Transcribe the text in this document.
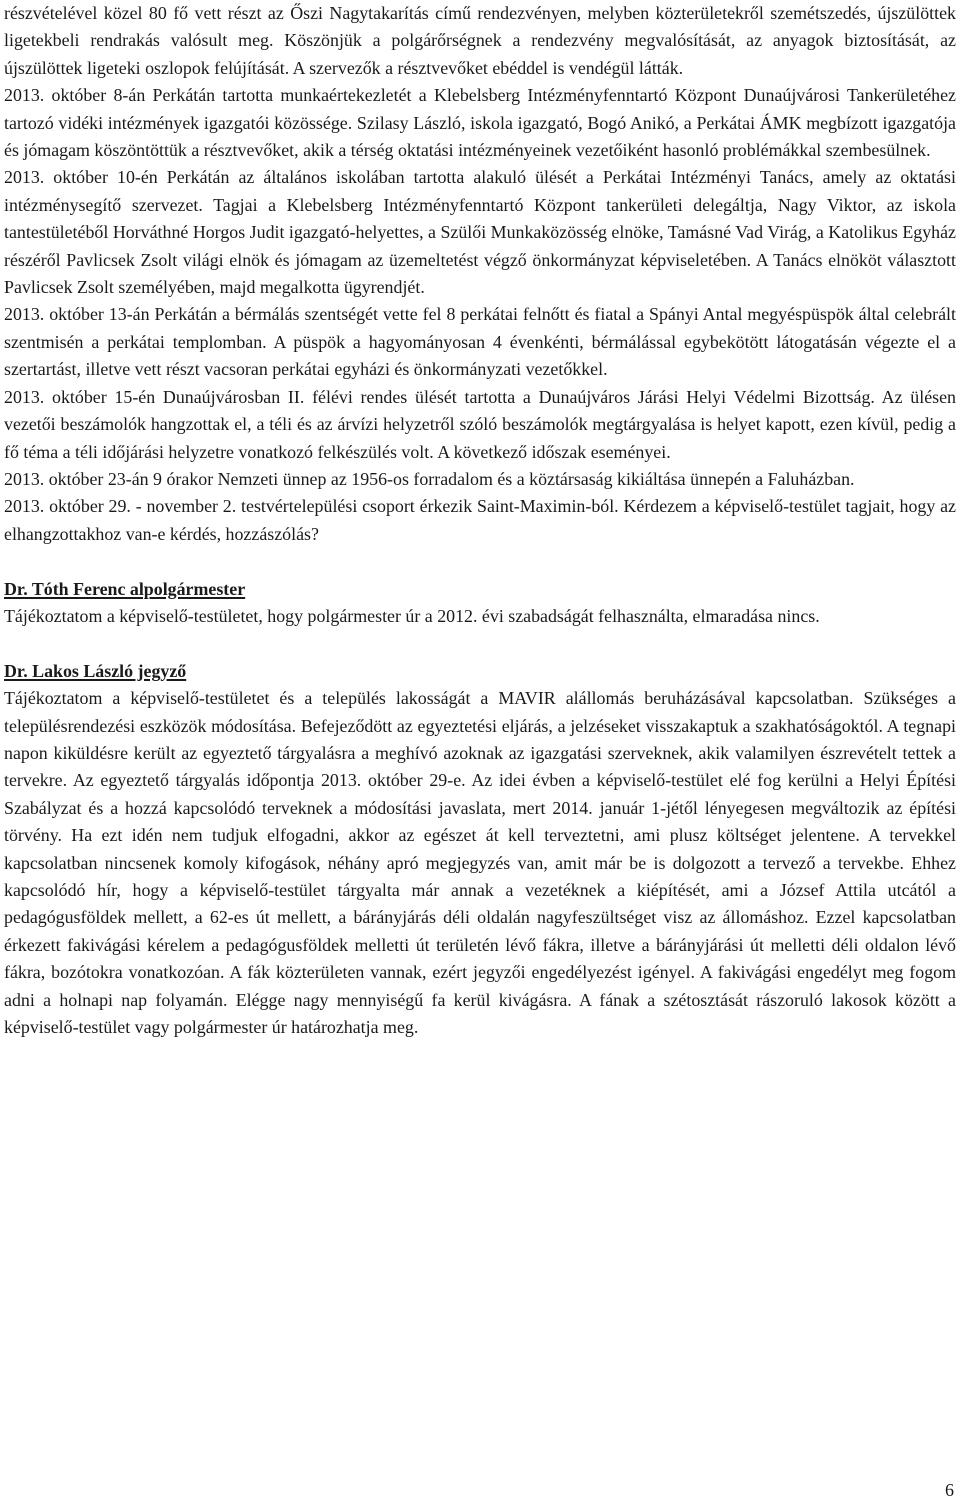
részvételével közel 80 fő vett részt az Őszi Nagytakarítás című rendezvényen, melyben közterületekről szemétszedés, újszülöttek ligetekbeli rendrakás valósult meg. Köszönjük a polgárőrségnek a rendezvény megvalósítását, az anyagok biztosítását, az újszülöttek ligeteki oszlopok felújítását. A szervezők a résztvevőket ebéddel is vendégül látták.

2013. október 8-án Perkátán tartotta munkaértekezletét a Klebelsberg Intézményfenntartó Központ Dunaújvárosi Tankerületéhez tartozó vidéki intézmények igazgatói közössége. Szilasy László, iskola igazgató, Bogó Anikó, a Perkátai ÁMK megbízott igazgatója és jómagam köszöntöttük a résztvevőket, akik a térség oktatási intézményeinek vezetőiként hasonló problémákkal szembesülnek.

2013. október 10-én Perkátán az általános iskolában tartotta alakuló ülését a Perkátai Intézményi Tanács, amely az oktatási intézménysegítő szervezet. Tagjai a Klebelsberg Intézményfenntartó Központ tankerületi delegáltja, Nagy Viktor, az iskola tantestületéből Horváthné Horgos Judit igazgató-helyettes, a Szülői Munkaközösség elnöke, Tamásné Vad Virág, a Katolikus Egyház részéről Pavlicsek Zsolt világi elnök és jómagam az üzemeltetést végző önkormányzat képviseletében. A Tanács elnököt választott Pavlicsek Zsolt személyében, majd megalkotta ügyrendjét.

2013. október 13-án Perkátán a bérmálás szentségét vette fel 8 perkátai felnőtt és fiatal a Spányi Antal megyéspüspök által celebrált szentmisén a perkátai templomban. A püspök a hagyományosan 4 évenkénti, bérmálással egybekötött látogatásán végezte el a szertartást, illetve vett részt vacsoran perkátai egyházi és önkormányzati vezetőkkel.

2013. október 15-én Dunaújvárosban II. félévi rendes ülését tartotta a Dunaújváros Járási Helyi Védelmi Bizottság. Az ülésen vezetői beszámolók hangzottak el, a téli és az árvízi helyzetről szóló beszámolók megtárgyalása is helyet kapott, ezen kívül, pedig a fő téma a téli időjárási helyzetre vonatkozó felkészülés volt. A következő időszak eseményei.

2013. október 23-án 9 órakor Nemzeti ünnep az 1956-os forradalom és a köztársaság kikiáltása ünnepén a Faluházban.

2013. október 29. - november 2. testvértelepülési csoport érkezik Saint-Maximin-ból. Kérdezem a képviselő-testület tagjait, hogy az elhangzottakhoz van-e kérdés, hozzászólás?

Dr. Tóth Ferenc alpolgármester

Tájékoztatom a képviselő-testületet, hogy polgármester úr a 2012. évi szabadságát felhasználta, elmaradása nincs.

Dr. Lakos László jegyző

Tájékoztatom a képviselő-testületet és a település lakosságát a MAVIR alállomás beruházásával kapcsolatban. Szükséges a településrendezési eszközök módosítása. Befejeződött az egyeztetési eljárás, a jelzéseket visszakaptuk a szakhatóságoktól. A tegnapi napon kiküldésre került az egyeztető tárgyalásra a meghívó azoknak az igazgatási szerveknek, akik valamilyen észrevételt tettek a tervekre. Az egyeztető tárgyalás időpontja 2013. október 29-e. Az idei évben a képviselő-testület elé fog kerülni a Helyi Építési Szabályzat és a hozzá kapcsolódó terveknek a módosítási javaslata, mert 2014. január 1-jétől lényegesen megváltozik az építési törvény. Ha ezt idén nem tudjuk elfogadni, akkor az egészet át kell terveztetni, ami plusz költséget jelentene. A tervekkel kapcsolatban nincsenek komoly kifogások, néhány apró megjegyzés van, amit már be is dolgozott a tervező a tervekbe. Ehhez kapcsolódó hír, hogy a képviselő-testület tárgyalta már annak a vezetéknek a kiépítését, ami a József Attila utcától a pedagógusföldek mellett, a 62-es út mellett, a bárányjárás déli oldalán nagyfeszültséget visz az állomáshoz. Ezzel kapcsolatban érkezett fakivágási kérelem a pedagógusföldek melletti út területén lévő fákra, illetve a bárányjárási út melletti déli oldalon lévő fákra, bozótokra vonatkozóan. A fák közterületen vannak, ezért jegyzői engedélyezést igényel. A fakivágási engedélyt meg fogom adni a holnapi nap folyamán. Elégge nagy mennyiségű fa kerül kivágásra. A fának a szétosztását rászoruló lakosok között a képviselő-testület vagy polgármester úr határozhatja meg.

6
